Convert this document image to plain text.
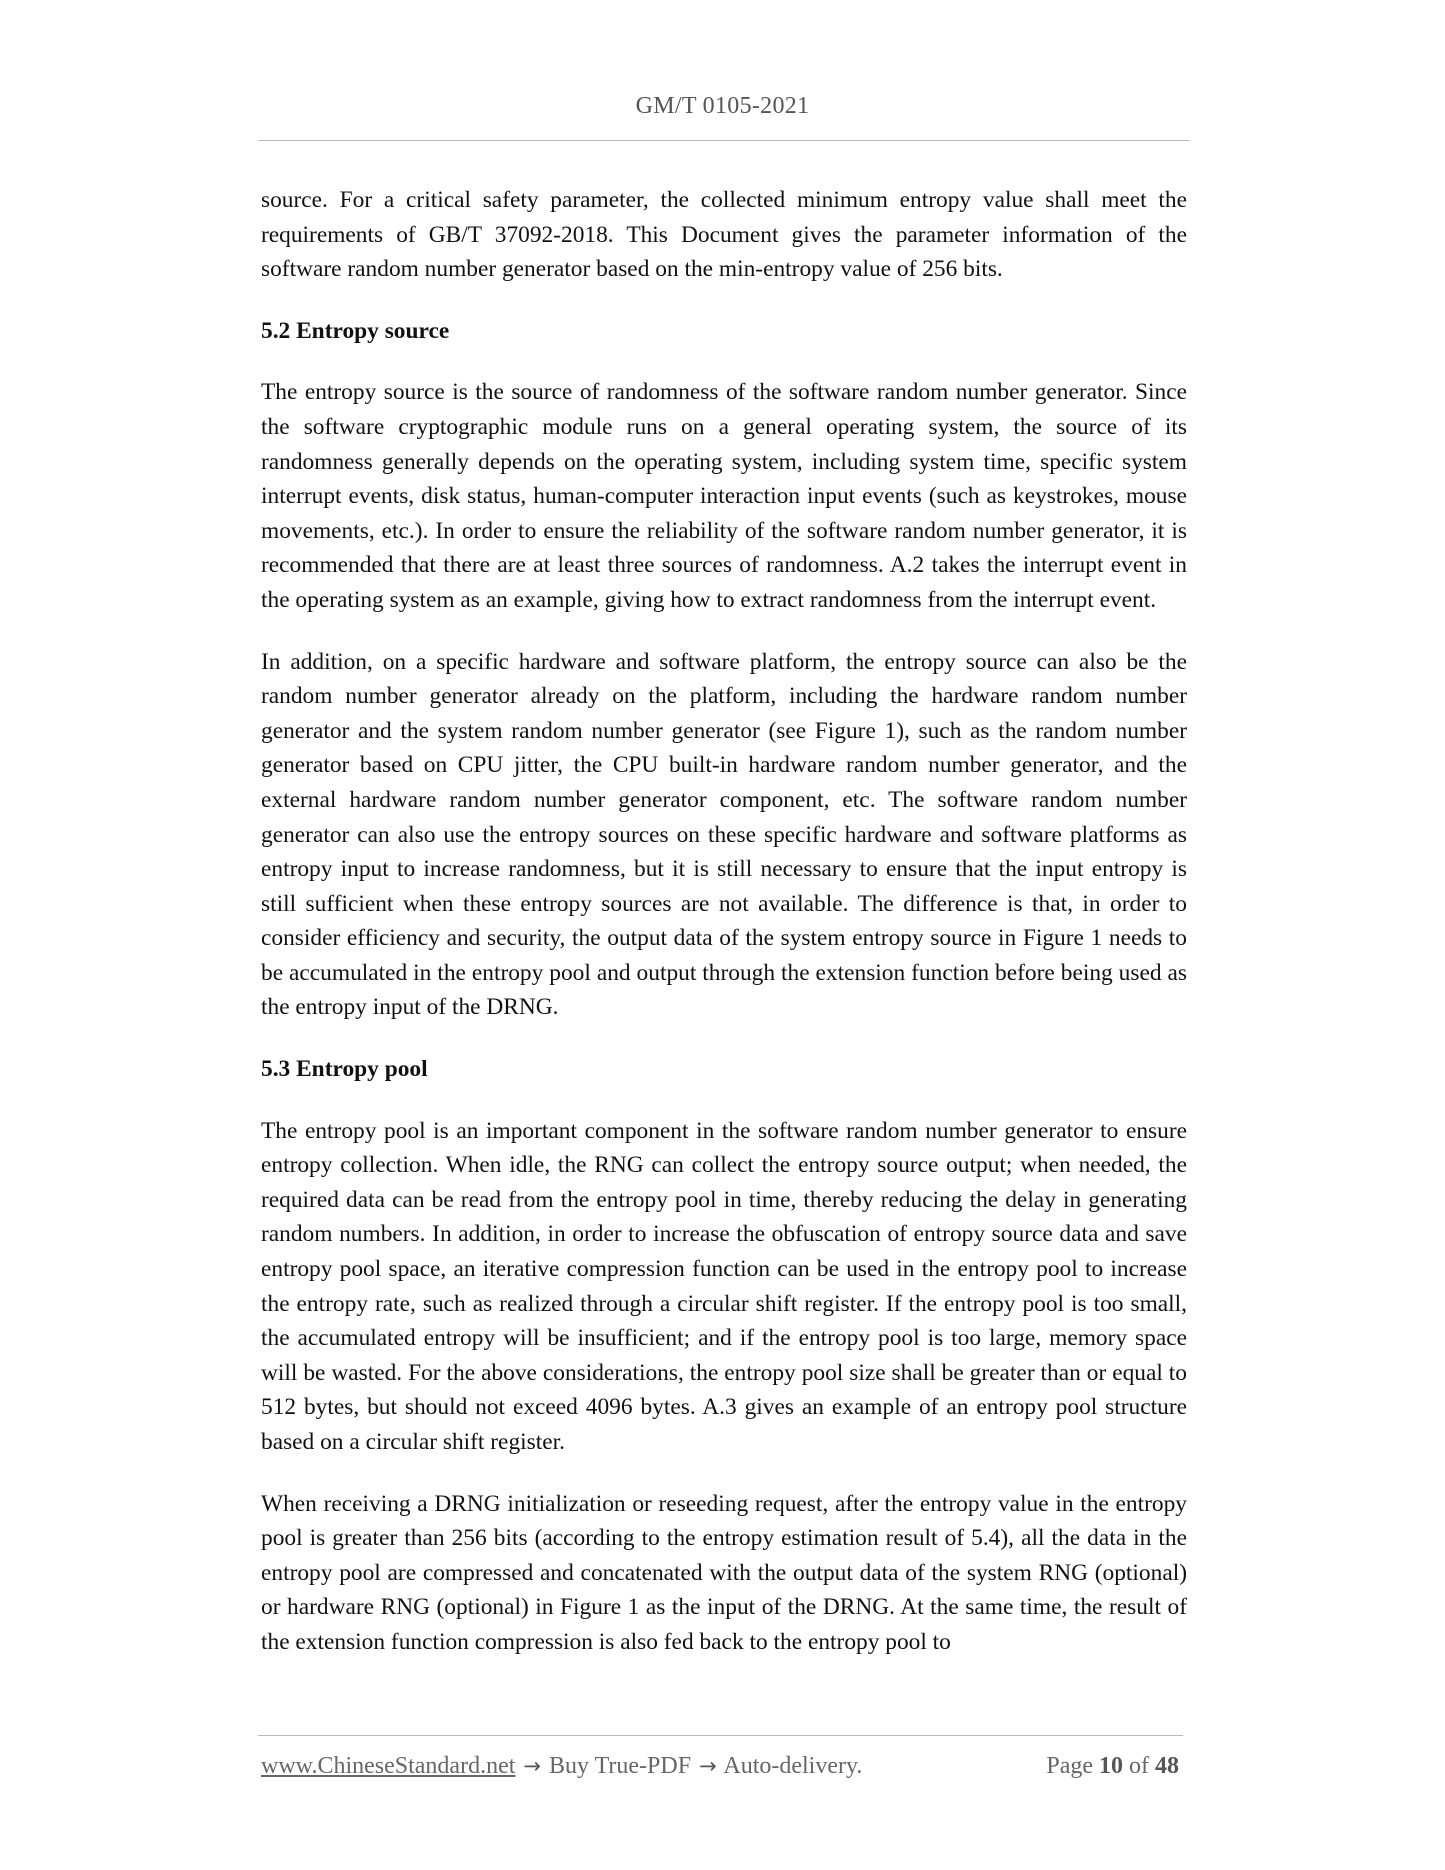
GM/T 0105-2021

source. For a critical safety parameter, the collected minimum entropy value shall meet the requirements of GB/T 37092-2018. This Document gives the parameter information of the software random number generator based on the min-entropy value of 256 bits.

5.2 Entropy source

The entropy source is the source of randomness of the software random number generator. Since the software cryptographic module runs on a general operating system, the source of its randomness generally depends on the operating system, including system time, specific system interrupt events, disk status, human-computer interaction input events (such as keystrokes, mouse movements, etc.). In order to ensure the reliability of the software random number generator, it is recommended that there are at least three sources of randomness. A.2 takes the interrupt event in the operating system as an example, giving how to extract randomness from the interrupt event.

In addition, on a specific hardware and software platform, the entropy source can also be the random number generator already on the platform, including the hardware random number generator and the system random number generator (see Figure 1), such as the random number generator based on CPU jitter, the CPU built-in hardware random number generator, and the external hardware random number generator component, etc. The software random number generator can also use the entropy sources on these specific hardware and software platforms as entropy input to increase randomness, but it is still necessary to ensure that the input entropy is still sufficient when these entropy sources are not available. The difference is that, in order to consider efficiency and security, the output data of the system entropy source in Figure 1 needs to be accumulated in the entropy pool and output through the extension function before being used as the entropy input of the DRNG.

5.3 Entropy pool

The entropy pool is an important component in the software random number generator to ensure entropy collection. When idle, the RNG can collect the entropy source output; when needed, the required data can be read from the entropy pool in time, thereby reducing the delay in generating random numbers. In addition, in order to increase the obfuscation of entropy source data and save entropy pool space, an iterative compression function can be used in the entropy pool to increase the entropy rate, such as realized through a circular shift register. If the entropy pool is too small, the accumulated entropy will be insufficient; and if the entropy pool is too large, memory space will be wasted. For the above considerations, the entropy pool size shall be greater than or equal to 512 bytes, but should not exceed 4096 bytes. A.3 gives an example of an entropy pool structure based on a circular shift register.

When receiving a DRNG initialization or reseeding request, after the entropy value in the entropy pool is greater than 256 bits (according to the entropy estimation result of 5.4), all the data in the entropy pool are compressed and concatenated with the output data of the system RNG (optional) or hardware RNG (optional) in Figure 1 as the input of the DRNG. At the same time, the result of the extension function compression is also fed back to the entropy pool to

www.ChineseStandard.net → Buy True-PDF → Auto-delivery.	Page 10 of 48
